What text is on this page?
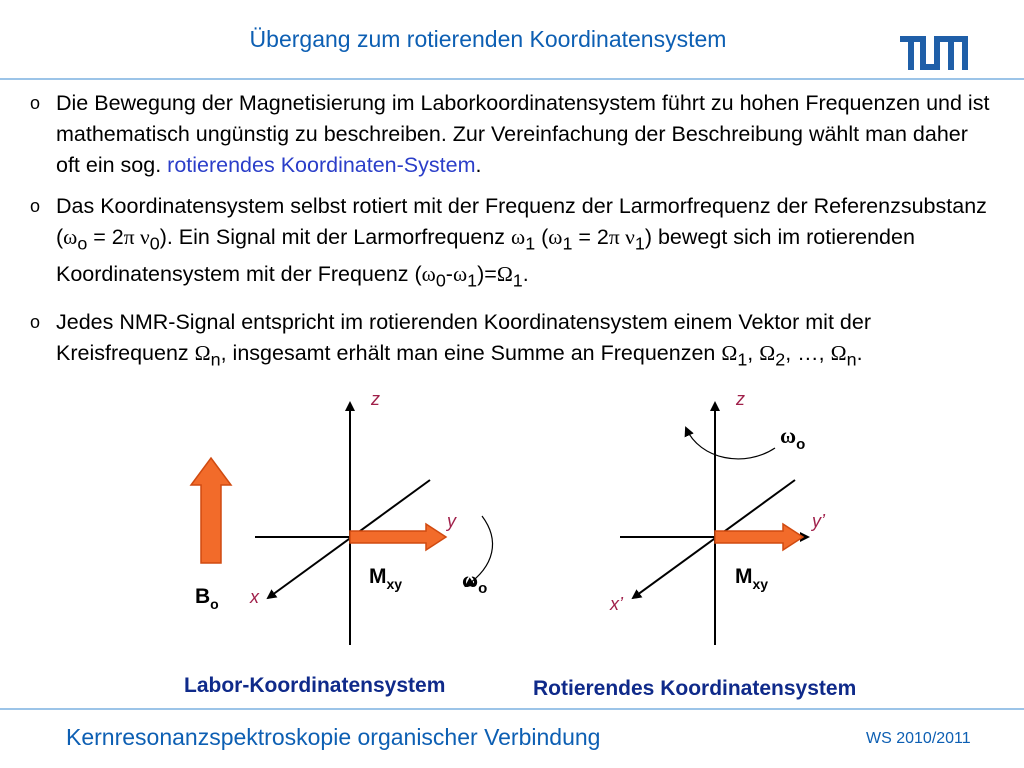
Übergang zum rotierenden Koordinatensystem
o Die Bewegung der Magnetisierung im Laborkoordinatensystem führt zu hohen Frequenzen und ist mathematisch ungünstig zu beschreiben. Zur Vereinfachung der Beschreibung wählt man daher oft ein sog. rotierendes Koordinaten-System.
o Das Koordinatensystem selbst rotiert mit der Frequenz der Larmorfrequenz der Referenzsubstanz ($\omega_o = 2\pi$ $\nu_0$). Ein Signal mit der Larmorfrequenz $\omega_1$ ($\omega_1 = 2\pi$ $\nu_1$) bewegt sich im rotierenden Koordinatensystem mit der Frequenz $(\omega_0-\omega_1)=\Omega_1$.
o Jedes NMR-Signal entspricht im rotierenden Koordinatensystem einem Vektor mit der Kreisfrequenz $\Omega_n$, insgesamt erhält man eine Summe an Frequenzen $\Omega_1$, $\Omega_2$, …, $\Omega_n$.
z
y
x
$B_o$
$M_{xy}$	$\omega_o$
z
y’
x’
$M_{xy}$
$\omega_o$
Labor-Koordinatensystem	Rotierendes Koordinatensystem
Kernresonanzspektroskopie organischer Verbindung	WS 2010/2011
